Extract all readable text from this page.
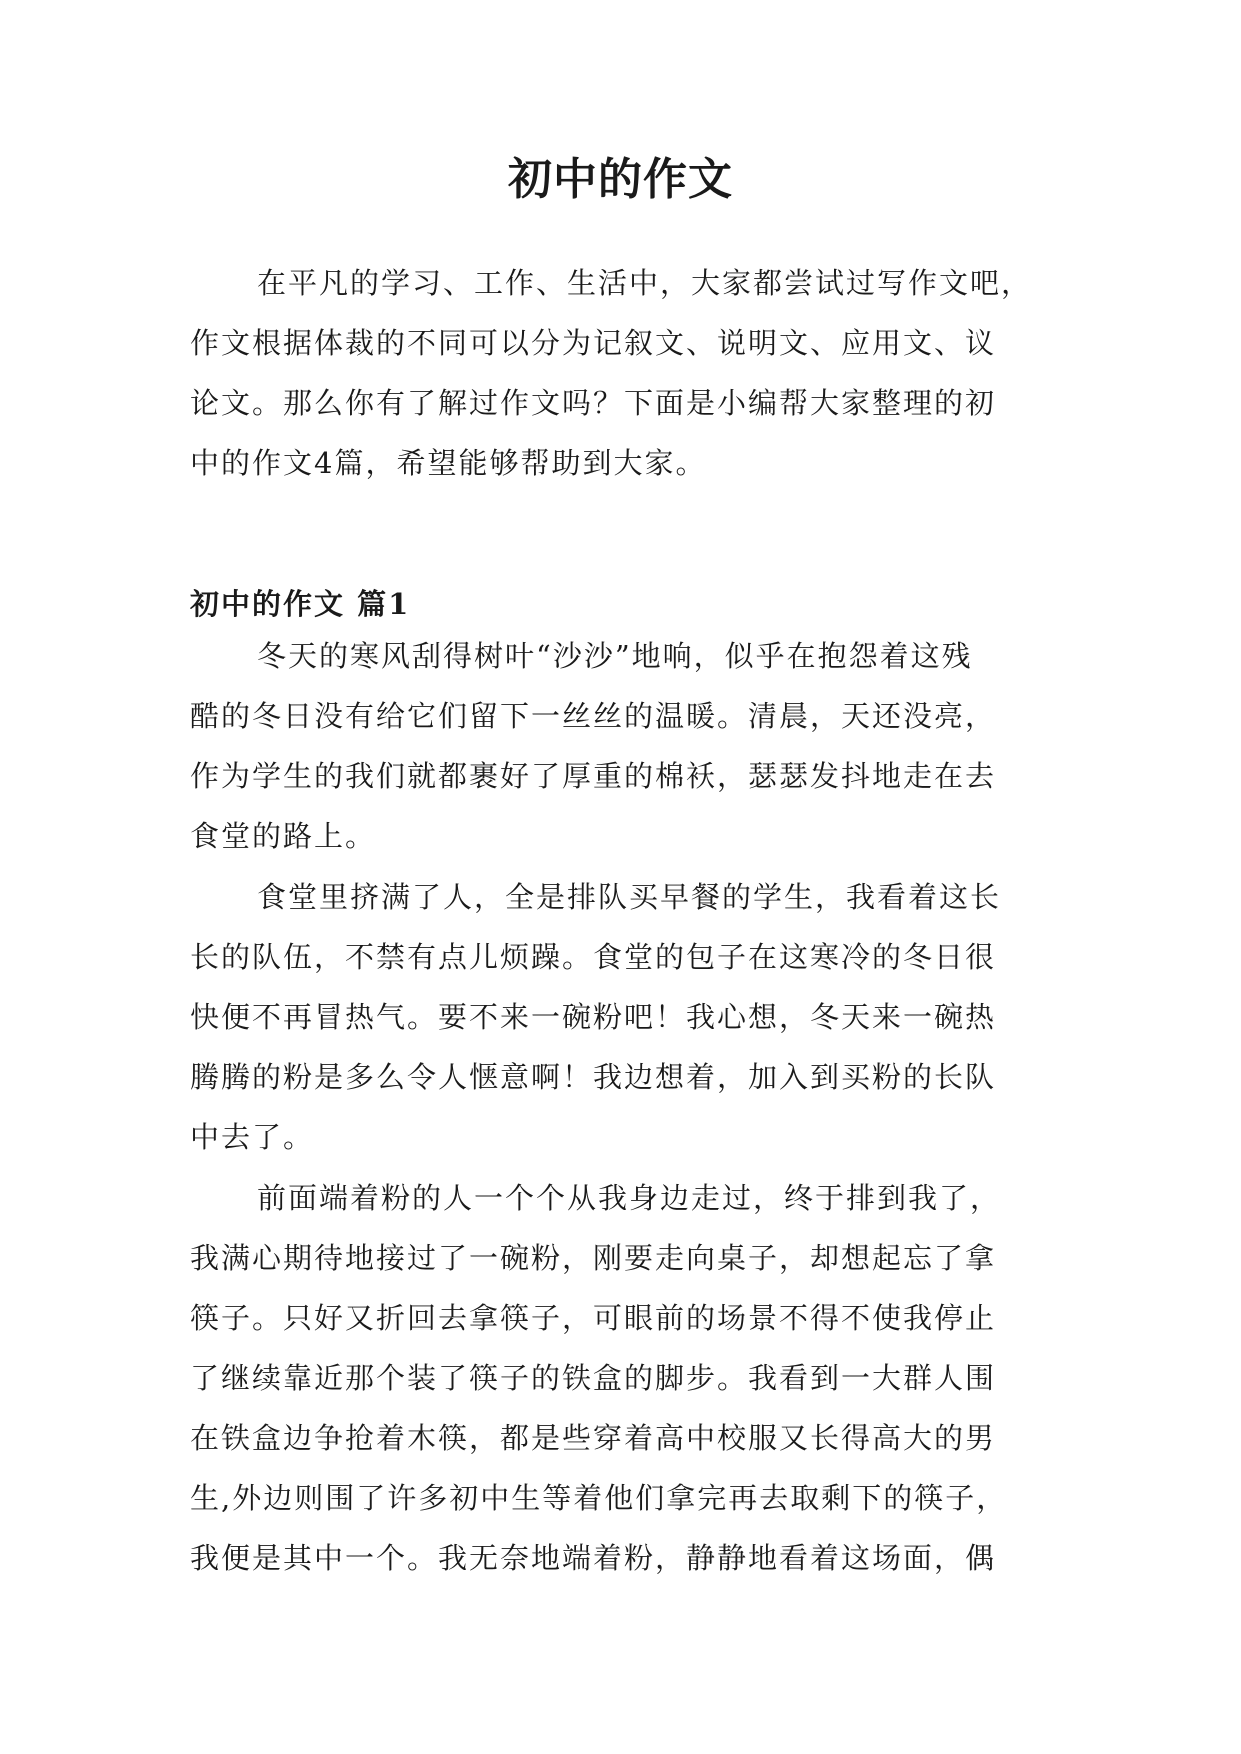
初中的作文
在平凡的学习、工作、生活中，大家都尝试过写作文吧，
作文根据体裁的不同可以分为记叙文、说明文、应用文、议
论文。那么你有了解过作文吗？下面是小编帮大家整理的初
中的作文4篇，希望能够帮助到大家。
初中的作文 篇1
冬天的寒风刮得树叶“沙沙”地响，似乎在抱怨着这残
酷的冬日没有给它们留下一丝丝的温暖。清晨，天还没亮，
作为学生的我们就都裹好了厚重的棉袄，瑟瑟发抖地走在去
食堂的路上。
食堂里挤满了人，全是排队买早餐的学生，我看着这长
长的队伍，不禁有点儿烦躁。食堂的包子在这寒冷的冬日很
快便不再冒热气。要不来一碗粉吧！我心想，冬天来一碗热
腾腾的粉是多么令人惬意啊！我边想着，加入到买粉的长队
中去了。
前面端着粉的人一个个从我身边走过，终于排到我了，
我满心期待地接过了一碗粉，刚要走向桌子，却想起忘了拿
筷子。只好又折回去拿筷子，可眼前的场景不得不使我停止
了继续靠近那个装了筷子的铁盒的脚步。我看到一大群人围
在铁盒边争抢着木筷，都是些穿着高中校服又长得高大的男
生,外边则围了许多初中生等着他们拿完再去取剩下的筷子，
我便是其中一个。我无奈地端着粉，静静地看着这场面，偶
